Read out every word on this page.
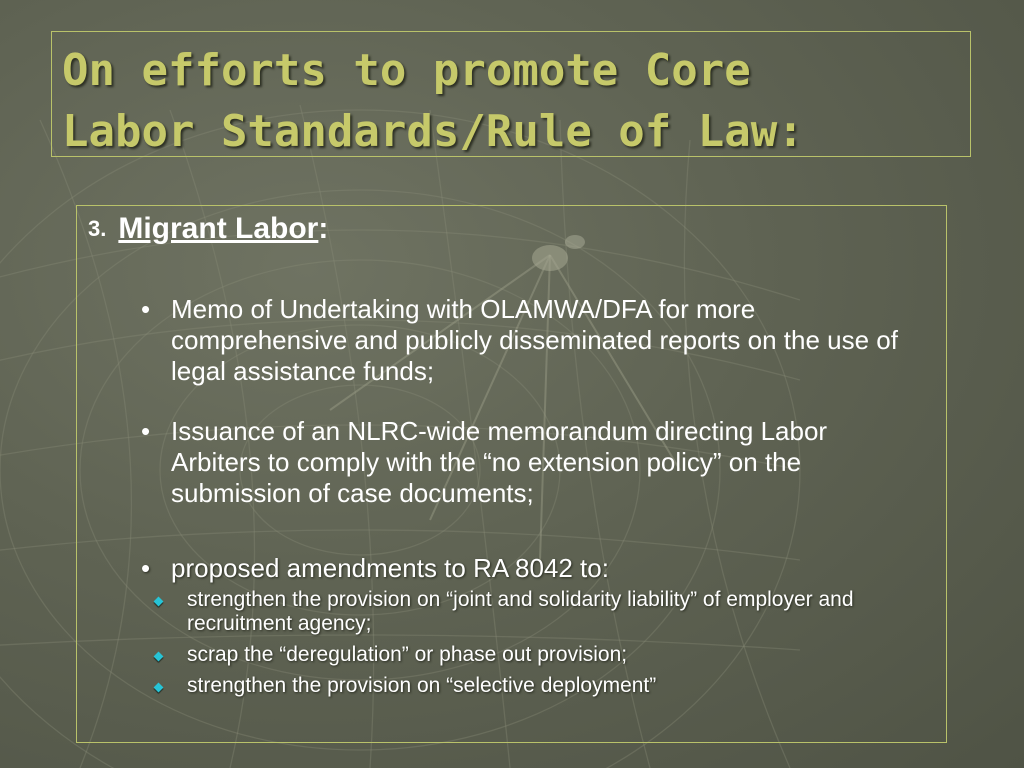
On efforts to promote Core
Labor Standards/Rule of Law:
3. Migrant Labor:
• Memo of Undertaking with OLAMWA/DFA for more comprehensive and publicly disseminated reports on the use of legal assistance funds;
• Issuance of an NLRC-wide memorandum directing Labor Arbiters to comply with the “no extension policy” on the submission of case documents;
• proposed amendments to RA 8042 to:
strengthen the provision on “joint and solidarity liability” of employer and recruitment agency;
scrap the “deregulation” or phase out provision;
strengthen the provision on “selective deployment”
